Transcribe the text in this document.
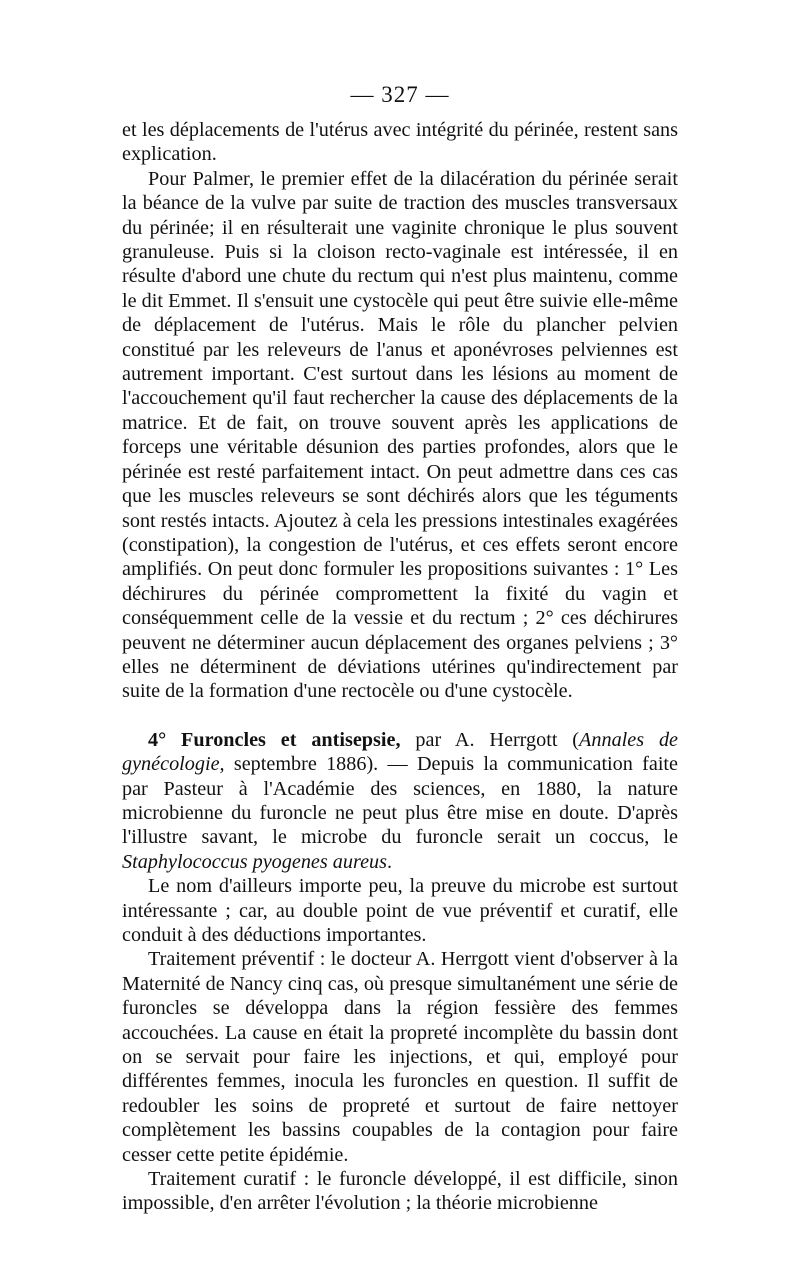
— 327 —

et les déplacements de l'utérus avec intégrité du périnée, restent sans explication.

Pour Palmer, le premier effet de la dilacération du périnée serait la béance de la vulve par suite de traction des muscles transversaux du périnée; il en résulterait une vaginite chronique le plus souvent granuleuse. Puis si la cloison recto-vaginale est intéressée, il en résulte d'abord une chute du rectum qui n'est plus maintenu, comme le dit Emmet. Il s'ensuit une cystocèle qui peut être suivie elle-même de déplacement de l'utérus. Mais le rôle du plancher pelvien constitué par les releveurs de l'anus et aponévroses pelviennes est autrement important. C'est surtout dans les lésions au moment de l'accouchement qu'il faut rechercher la cause des déplacements de la matrice. Et de fait, on trouve souvent après les applications de forceps une véritable désunion des parties profondes, alors que le périnée est resté parfaitement intact. On peut admettre dans ces cas que les muscles releveurs se sont déchirés alors que les téguments sont restés intacts. Ajoutez à cela les pressions intestinales exagérées (constipation), la congestion de l'utérus, et ces effets seront encore amplifiés. On peut donc formuler les propositions suivantes : 1° Les déchirures du périnée compromettent la fixité du vagin et conséquemment celle de la vessie et du rectum ; 2° ces déchirures peuvent ne déterminer aucun déplacement des organes pelviens ; 3° elles ne déterminent de déviations utérines qu'indirectement par suite de la formation d'une rectocèle ou d'une cystocèle.

4° Furoncles et antisepsie, par A. Herrgott (Annales de gynécologie, septembre 1886). — Depuis la communication faite par Pasteur à l'Académie des sciences, en 1880, la nature microbienne du furoncle ne peut plus être mise en doute. D'après l'illustre savant, le microbe du furoncle serait un coccus, le Staphylococcus pyogenes aureus.

Le nom d'ailleurs importe peu, la preuve du microbe est surtout intéressante ; car, au double point de vue préventif et curatif, elle conduit à des déductions importantes.

Traitement préventif : le docteur A. Herrgott vient d'observer à la Maternité de Nancy cinq cas, où presque simultanément une série de furoncles se développa dans la région fessière des femmes accouchées. La cause en était la propreté incomplète du bassin dont on se servait pour faire les injections, et qui, employé pour différentes femmes, inocula les furoncles en question. Il suffit de redoubler les soins de propreté et surtout de faire nettoyer complètement les bassins coupables de la contagion pour faire cesser cette petite épidémie.

Traitement curatif : le furoncle développé, il est difficile, sinon impossible, d'en arrêter l'évolution ; la théorie microbienne
